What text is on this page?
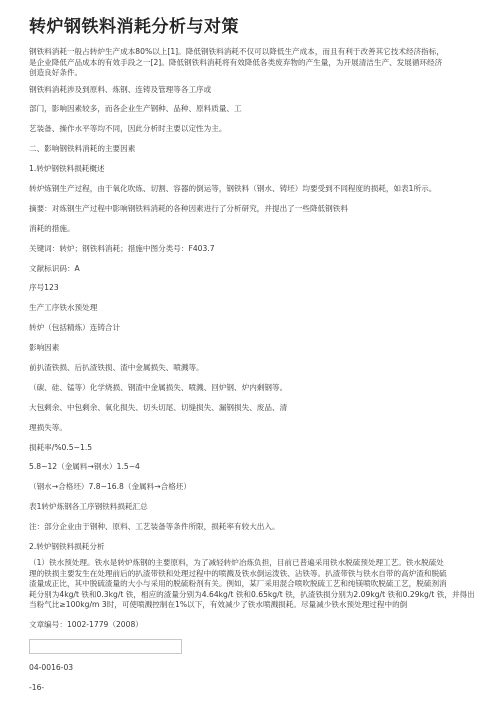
转炉钢铁料消耗分析与对策

钢铁料消耗一般占转炉生产成本80%以上[1]。降低钢铁料消耗不仅可以降低生产成本，而且有利于改善其它技术经济指标，

是企业降低产品成本的有效手段之一[2]。降低钢铁料消耗将有效降低各类废弃物的产生量，为开展清洁生产、发展循环经济

创造良好条件。

钢铁料消耗涉及到原料、炼钢、连铸及管理等各工序或

部门，影响因素较多，而各企业生产钢种、品种、原料质量、工

艺装备、操作水平等均不同，因此分析时主要以定性为主。

二、影响钢铁料消耗的主要因素

1.转炉钢铁料损耗概述

转炉炼钢生产过程，由于氧化吹炼、切割、容器的倒运等，钢铁料（钢水、铸坯）均要受到不同程度的损耗，如表1所示。

摘要：对炼钢生产过程中影响钢铁料消耗的各种因素进行了分析研究，并提出了一些降低钢铁料

消耗的措施。

关键词：转炉；钢铁料消耗；措施中图分类号：F403.7

文献标识码：A

序号123

生产工序铁水预处理

转炉（包括精炼）连铸合计

影响因素

前扒渣铁损、后扒渣铁损、渣中金属损失、喷溅等。

（碳、硅、锰等）化学烧损、钢渣中金属损失、喷溅、回炉钢、炉内剩钢等。

大包剩余、中包剩余、氧化损失、切头切尾、切缝损失、漏钢损失、废品、清

理损失等。

损耗率/%0.5~1.5

5.8~12（金属料→钢水）1.5~4

（钢水→合格坯）7.8~16.8（金属料→合格坯）

表1转炉炼钢各工序钢铁料损耗汇总

注：部分企业由于钢种、原料、工艺装备等条件所限，损耗率有较大出入。

2.转炉钢铁料损耗分析

（1）铁水预处理。铁水是转炉炼钢的主要原料，为了减轻转炉冶炼负担，目前已普遍采用铁水脱硫预处理工艺。铁水脱硫处

理的铁损主要发生在处理前后的扒渣带铁和处理过程中的喷溅及铁水倒运泼铁、沾铁等。扒渣带铁与铁水自带的高炉渣和脱硫

渣量成正比，其中脱硫渣量的大小与采用的脱硫粉剂有关。例如，某厂采用混合喷吹脱硫工艺和纯镁喷吹脱硫工艺，脱硫剂消

耗分别为4kg/t 铁和0.3kg/t 铁，相应的渣量分别为4.64kg/t 铁和0.65kg/t 铁，扒渣铁损分别为2.09kg/t 铁和0.29kg/t 铁，并得出

当粉气比≥100kg/m 3时，可使喷溅控制在1%以下，有效减少了铁水喷溅损耗。尽量减少铁水预处理过程中的倒

文章编号：1002-1779（2008）

04-0016-03

-16-
